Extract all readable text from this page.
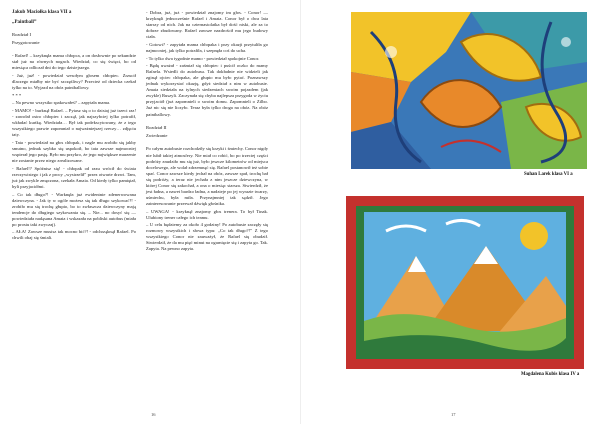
Jakub Maciołka klasa VII a

„Paintball”

Rozdział I

Przygotowanie

- Rafael! – krzyknęła mama chłopca, a on dosłownie po sekundzie stał już na równych nogach. Wiedział, co się święci, bo od miesiąca odliczał dni do tego dzisiejszego.

- Już, już! - powiedział wesołym głosem chłopiec. Zrzucił dlaczego miałby nie być szczęśliwy? Przecież od dziecka czekał tylko na to. Wyjazd na obóz paintballowy.

* * *

– Na pewno wszystko spakowałeś? – zapytała mama.

- MAMO! - burknął Rafael. – Pytasz się o to dzisiaj już trzeci raz! - zawołał ostro chłopiec i zaczął, jak najszybciej tylko potrafił, wkładać kurtkę. Wiedziała… Był tak podekscytowany, że z tego wszystkiego prawie zapomniał o najważniejszej rzeczy… zdjęciu taty.

- Tata - powiedział na głos chłopak, i nagle mu zrobiło się jakby smutno, jednak szybko się uspokoił, bo tata zawsze najmocniej wspierał jego pasję. Było mu przykro, że jego największe marzenie nie zostanie przez niego zrealizowane.

- Rafael!? Spóźnisz się! - chłopak od razu wrócił do świata rzeczywistego i jak z procy „wystrzelił” przez otwarte drzwi. Tam, już jak zwykle zmęczona, czekała Amaia. Od kiedy tylko pamiętał, byli przyjaciółmi.

– Co tak długo?! - Warknęła już ewidentnie zdenerwowana dziewczyna. - Jak ty w ogóle możesz się tak długo szykować?! - zrobiło mu się trochę głupio, bo to zwłaszcza dziewczyny mają tendencje do długiego szykowania się. – Nie... no dosyć się — powiedziała nadąsana Amaia i wskazała na pobliski autobus (miała po prostu taki zwyczaj).

– AŁA! Zawsze musisz tak mocno bić?! - odchrząknął Rafael. Po chwili obaj się śmiali.

- Dobra, już, już - powiedział znajomy im głos. - Conor! — krzyknęli jednocześnie Rafael i Amaia. Conor był o dwa lata starszy od nich. Jak na czternastolatka był dość niski, ale za to dobrze zbudowany. Rafael zawsze nazdrościł mu jego budowy ciała.

- Gotowi? - zapytała mama chłopaka i przy okazji przytuliła go najmocniej, jak tylko potrafiła, i szepnęła coś do ucha.

- To tylko dwa tygodnie mamo - powiedział spokojnie Conor.

- Będę uważał - zaśmiał się chłopiec i puścił oczko do mamy Rafaela. Wsiedli do autobusu. Tak dokładnie nie widzieli jak zginął ojciec chłopaka, ale głupio mu było pytać. Poznawszy jednak wykorzystać okazję, gdyż siedział z nim w autobusie. Amaia siedziała na tylnych siedzeniach swoim pojazdem (jak zwykle) Ruszyli. Zaczynała się chyba najlepsza przygoda w życiu przyjaciół (już zapomnieli o swoim domu. Zapomnieli o Zilbo. Już nic się nie liczyło. Teraz była tylko droga na obóz. Na obóz paintballowy.

Rozdział II

Zwiedzanie

Po całym autobusie rozchodziły się krzyki i śmiechy. Conor nigdy nie lubił takiej atmosfery. Nie miał co robić, bo po trzeciej części podróży znudziło mu się już, było jeszcze kilometrów od miejsca docelowego, ale wolał zdrzemnąć się. Rafael postanowił też sobie spać. Conor zawsze kiedy jechał na obóz, zawsze spał, trochę bał się podróży, a teraz nie jechała z nim jeszcze dziewczyna, w której Conor się zakochał, a ona o miesiąc starsza. Stwierdził, że jest ładna, a nawet bardzo ładna, a nadzieje po jej wyrazie twarzy, uśmiechu, była miła. Przynajmniej tak sądził. Jego zainteresowanie przerwał dźwięk głośnika.

– UWAGA! - krzyknął znajomy głos trenera. To był Tinak. Ulubiony trener całego ich teamu.

– U celu będziemy za około 4 godziny! Po autobusie zaczęły się rozmowy wszystkich i słowa typu: „Co tak długo?!” Z tego wszystkiego Conor nie zauważył, że Rafael się obudził. Stwierdził, że da mu pięć minut na ogarnięcie się i zapyta go. Tak. Zapyta. Na pewno zapyta.

16	17
Suhan Larek klasa VI a
Magdalena Kubis klasa IV a
